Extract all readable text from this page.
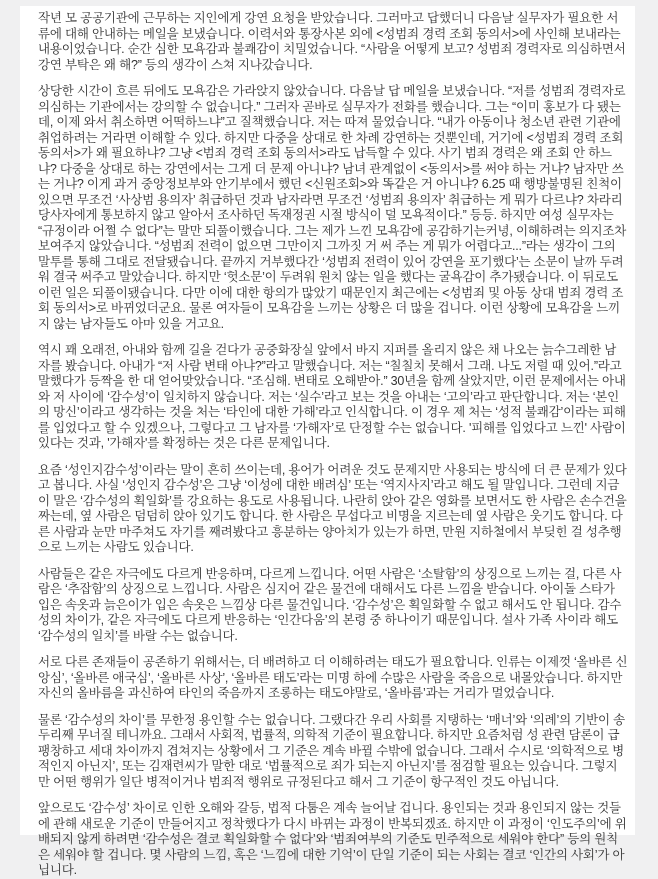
작년 모 공공기관에 근무하는 지인에게 강연 요청을 받았습니다. 그러마고 답했더니 다음날 실무자가 필요한 서류에 대해 안내하는 메일을 보냈습니다. 이력서와 통장사본 외에 <성범죄 경력 조회 동의서>에 사인해 보내라는 내용이었습니다. 순간 심한 모욕감과 불쾌감이 치밀었습니다. “사람을 어떻게 보고? 성범죄 경력자로 의심하면서 강연 부탁은 왜 해?” 등의 생각이 스쳐 지나갔습니다.

상당한 시간이 흐른 뒤에도 모욕감은 가라앉지 않았습니다. 다음날 답 메일을 보냈습니다. “저를 성범죄 경력자로 의심하는 기관에서는 강의할 수 없습니다.” 그러자 곧바로 실무자가 전화를 했습니다. 그는 “이미 홍보가 다 됐는데, 이제 와서 취소하면 어떡하느냐”고 질책했습니다. 저는 따져 물었습니다. “내가 아동이나 청소년 관련 기관에 취업하려는 거라면 이해할 수 있다. 하지만 다중을 상대로 한 차례 강연하는 것뿐인데, 거기에 <성범죄 경력 조회 동의서>가 왜 필요하냐? 그냥 <범죄 경력 조회 동의서>라도 납득할 수 있다. 사기 범죄 경력은 왜 조회 안 하느냐? 다중을 상대로 하는 강연에서는 그게 더 문제 아니냐? 남녀 관계없이 <동의서>를 써야 하는 거냐? 남자만 쓰는 거냐? 이게 과거 중앙정보부와 안기부에서 했던 <신원조회>와 똑같은 거 아니냐? 6.25 때 행방불명된 친척이 있으면 무조건 ‘사상범 용의자’ 취급하던 것과 남자라면 무조건 ‘성범죄 용의자’ 취급하는 게 뭐가 다르냐? 차라리 당사자에게 통보하지 않고 알아서 조사하던 독재정권 시절 방식이 덜 모욕적이다.” 등등. 하지만 여성 실무자는 “규정이라 어쩔 수 없다”는 말만 되풀이했습니다. 그는 제가 느낀 모욕감에 공감하기는커녕, 이해하려는 의지조차 보여주지 않았습니다. “성범죄 전력이 없으면 그만이지 그까짓 거 써 주는 게 뭐가 어렵다고...”라는 생각이 그의 말투를 통해 그대로 전달됐습니다. 끝까지 거부했다간 ‘성범죄 전력이 있어 강연을 포기했다’는 소문이 날까 두려워 결국 써주고 말았습니다. 하지만 ‘헛소문’이 두려워 원치 않는 일을 했다는 굴욕감이 추가됐습니다. 이 뒤로도 이런 일은 되풀이됐습니다. 다만 이에 대한 항의가 많았기 때문인지 최근에는 <성범죄 및 아동 상대 범죄 경력 조회 동의서>로 바뀌었더군요. 물론 여자들이 모욕감을 느끼는 상황은 더 많을 겁니다. 이런 상황에 모욕감을 느끼지 않는 남자들도 아마 있을 거고요.

역시 꽤 오래전, 아내와 함께 길을 걷다가 공중화장실 앞에서 바지 지퍼를 올리지 않은 채 나오는 늙수그레한 남자를 봤습니다. 아내가 “저 사람 변태 아냐?”라고 말했습니다. 저는 “칠칠치 못해서 그래. 나도 저럴 때 있어.”라고 말했다가 등짝을 한 대 얻어맞았습니다. “조심해. 변태로 오해받아.” 30년을 함께 살았지만, 이런 문제에서는 아내와 저 사이에 ‘감수성’이 일치하지 않습니다. 저는 ‘실수’라고 보는 것을 아내는 ‘고의’라고 판단합니다. 저는 ‘본인의 망신’이라고 생각하는 것을 처는 ‘타인에 대한 가해’라고 인식합니다. 이 경우 제 처는 ‘성적 불쾌감’이라는 피해를 입었다고 할 수 있겠으나, 그렇다고 그 남자를 ‘가해자’로 단정할 수는 없습니다. '피해를 입었다고 느낀' 사람이 있다는 것과, '가해자'를 확정하는 것은 다른 문제입니다.

요즘 ‘성인지감수성’이라는 말이 흔히 쓰이는데, 용어가 어려운 것도 문제지만 사용되는 방식에 더 큰 문제가 있다고 봅니다. 사실 ‘성인지 감수성’은 그냥 ‘이성에 대한 배려심’ 또는 ‘역지사지’라고 해도 될 말입니다. 그런데 지금 이 말은 ‘감수성의 획일화’를 강요하는 용도로 사용됩니다. 나란히 앉아 같은 영화를 보면서도 한 사람은 손수건을 짜는데, 옆 사람은 덤덤히 앉아 있기도 합니다. 한 사람은 무섭다고 비명을 지르는데 옆 사람은 웃기도 합니다. 다른 사람과 눈만 마주쳐도 자기를 째려봤다고 흥분하는 양아치가 있는가 하면, 만원 지하철에서 부딪힌 걸 성추행으로 느끼는 사람도 있습니다.

사람들은 같은 자극에도 다르게 반응하며, 다르게 느낍니다. 어떤 사람은 ‘소탈함’의 상징으로 느끼는 걸, 다른 사람은 ‘추잡함’의 상징으로 느낍니다. 사람은 심지어 같은 물건에 대해서도 다른 느낌을 받습니다. 아이돌 스타가 입은 속옷과 늙은이가 입은 속옷은 느낌상 다른 물건입니다. ‘감수성’은 획일화할 수 없고 해서도 안 됩니다. 감수성의 차이가, 같은 자극에도 다르게 반응하는 ‘인간다움’의 본령 중 하나이기 때문입니다. 설사 가족 사이라 해도 ‘감수성의 일치’를 바랄 수는 없습니다.

서로 다른 존재들이 공존하기 위해서는, 더 배려하고 더 이해하려는 태도가 필요합니다. 인류는 이제껏 ‘올바른 신앙심’, ‘올바른 애국심’, ‘올바른 사상’, ‘올바른 태도’라는 미명 하에 수많은 사람을 죽음으로 내몰았습니다. 하지만 자신의 올바름을 과신하여 타인의 죽음까지 조롱하는 태도야말로, ‘올바름’과는 거리가 멀었습니다.

물론 ‘감수성의 차이’를 무한정 용인할 수는 없습니다. 그랬다간 우리 사회를 지탱하는 ‘매너’와 ‘의례’의 기반이 송두리째 무너질 테니까요. 그래서 사회적, 법률적, 의학적 기준이 필요합니다. 하지만 요즘처럼 성 관련 담론이 급팽창하고 세대 차이까지 겹쳐지는 상황에서 그 기준은 계속 바뀔 수밖에 없습니다. 그래서 수시로 ‘의학적으로 병적인지 아닌지’, 또는 김재련씨가 말한 대로 ‘법률적으로 죄가 되는지 아닌지’를 점검할 필요는 있습니다. 그렇지만 어떤 행위가 일단 병적이거나 범죄적 행위로 규정된다고 해서 그 기준이 항구적인 것도 아닙니다.

앞으로도 ‘감수성’ 차이로 인한 오해와 갈등, 법적 다툼은 계속 늘어날 겁니다. 용인되는 것과 용인되지 않는 것들에 관해 새로운 기준이 만들어지고 정착했다가 다시 바뀌는 과정이 반복되겠죠. 하지만 이 과정이 ‘인도주의’에 위배되지 않게 하려면 ‘감수성은 결코 획일화할 수 없다’와 ‘범죄여부의 기준도 민주적으로 세워야 한다” 등의 원칙은 세워야 할 겁니다. 몇 사람의 느낌, 혹은 ‘느낌에 대한 기억’이 단일 기준이 되는 사회는 결코 ‘인간의 사회’가 아닙니다.
